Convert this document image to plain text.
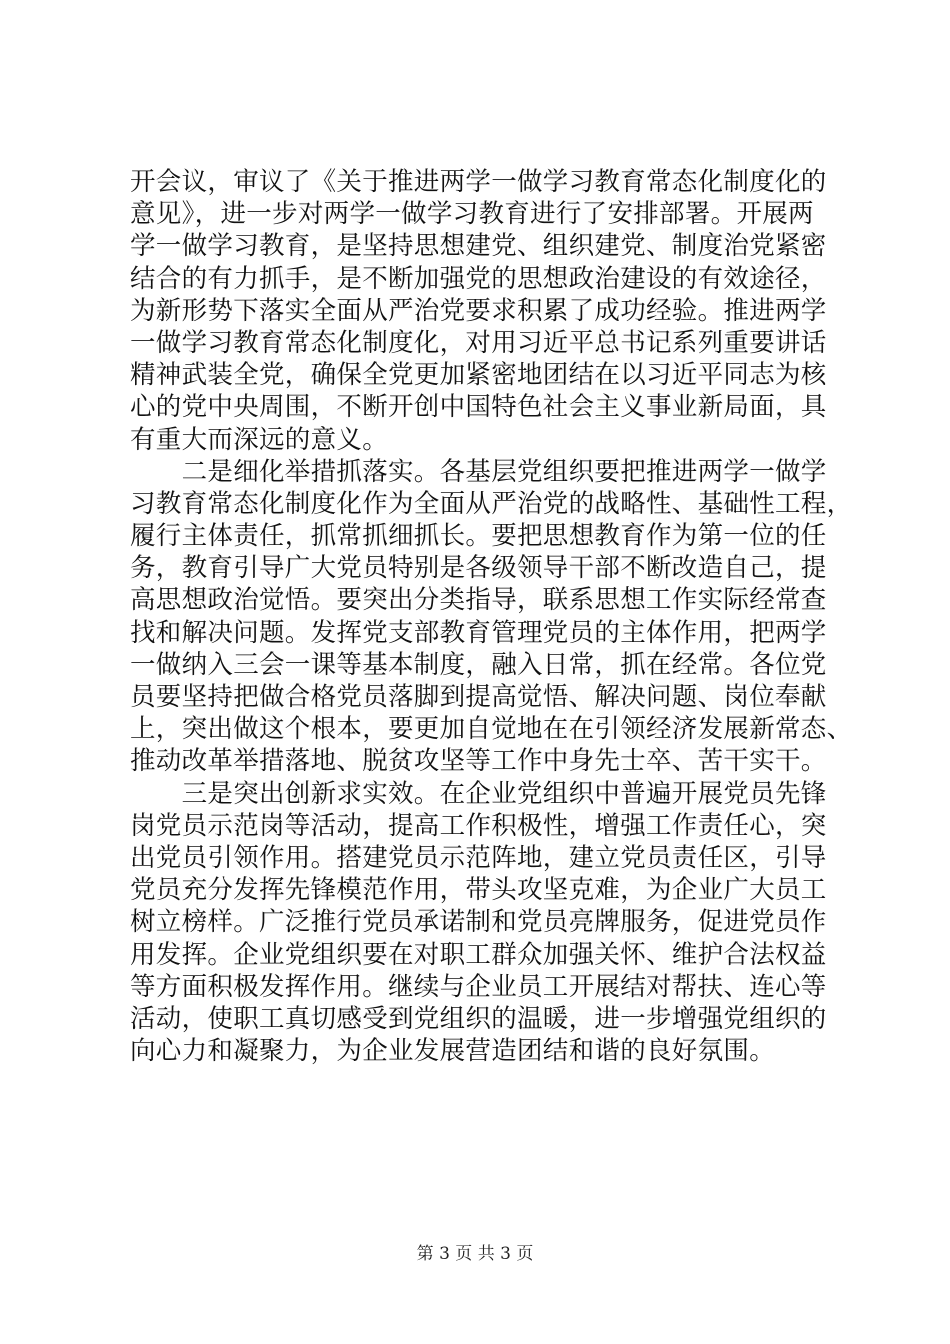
开会议，审议了《关于推进两学一做学习教育常态化制度化的
意见》，进一步对两学一做学习教育进行了安排部署。开展两
学一做学习教育，是坚持思想建党、组织建党、制度治党紧密
结合的有力抓手，是不断加强党的思想政治建设的有效途径，
为新形势下落实全面从严治党要求积累了成功经验。推进两学
一做学习教育常态化制度化，对用习近平总书记系列重要讲话
精神武装全党，确保全党更加紧密地团结在以习近平同志为核
心的党中央周围，不断开创中国特色社会主义事业新局面，具
有重大而深远的意义。
　　二是细化举措抓落实。各基层党组织要把推进两学一做学
习教育常态化制度化作为全面从严治党的战略性、基础性工程，
履行主体责任，抓常抓细抓长。要把思想教育作为第一位的任
务，教育引导广大党员特别是各级领导干部不断改造自己，提
高思想政治觉悟。要突出分类指导，联系思想工作实际经常查
找和解决问题。发挥党支部教育管理党员的主体作用，把两学
一做纳入三会一课等基本制度，融入日常，抓在经常。各位党
员要坚持把做合格党员落脚到提高觉悟、解决问题、岗位奉献
上，突出做这个根本，要更加自觉地在在引领经济发展新常态、
推动改革举措落地、脱贫攻坚等工作中身先士卒、苦干实干。
　　三是突出创新求实效。在企业党组织中普遍开展党员先锋
岗党员示范岗等活动，提高工作积极性，增强工作责任心，突
出党员引领作用。搭建党员示范阵地，建立党员责任区，引导
党员充分发挥先锋模范作用，带头攻坚克难，为企业广大员工
树立榜样。广泛推行党员承诺制和党员亮牌服务，促进党员作
用发挥。企业党组织要在对职工群众加强关怀、维护合法权益
等方面积极发挥作用。继续与企业员工开展结对帮扶、连心等
活动，使职工真切感受到党组织的温暖，进一步增强党组织的
向心力和凝聚力，为企业发展营造团结和谐的良好氛围。
第 3 页 共 3 页
